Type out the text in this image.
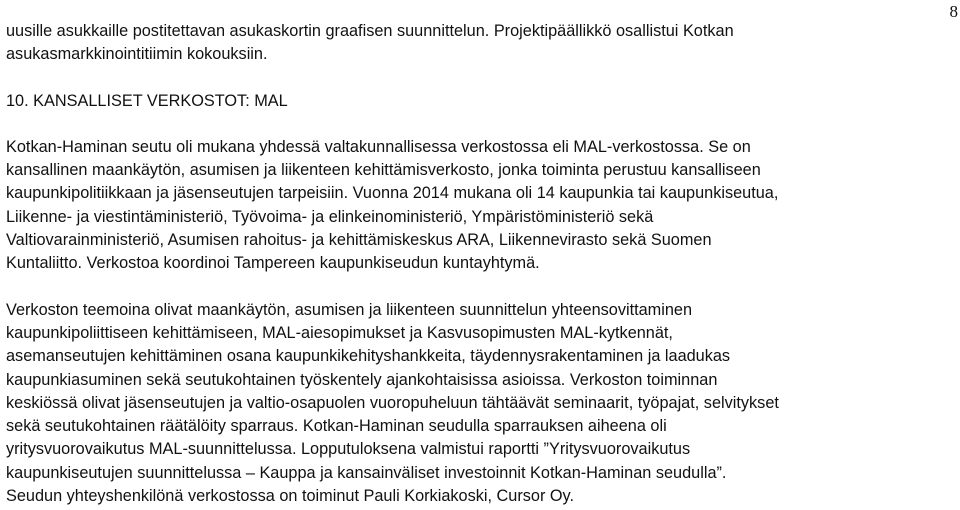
8

uusille asukkaille postitettavan asukaskortin graafisen suunnittelun. Projektipäällikkö osallistui Kotkan
asukasmarkkinointitiimin kokouksiin.

10. KANSALLISET VERKOSTOT: MAL

Kotkan-Haminan seutu oli mukana yhdessä valtakunnallisessa verkostossa eli MAL-verkostossa. Se on
kansallinen maankäytön, asumisen ja liikenteen kehittämisverkosto, jonka toiminta perustuu kansalliseen
kaupunkipolitiikkaan ja jäsenseutujen tarpeisiin. Vuonna 2014 mukana oli 14 kaupunkia tai kaupunkiseutua,
Liikenne- ja viestintäministeriö, Työvoima- ja elinkeinoministeriö, Ympäristöministeriö sekä
Valtiovarainministeriö, Asumisen rahoitus- ja kehittämiskeskus ARA, Liikennevirasto sekä Suomen
Kuntaliitto. Verkostoa koordinoi Tampereen kaupunkiseudun kuntayhtymä.

Verkoston teemoina olivat maankäytön, asumisen ja liikenteen suunnittelun yhteensovittaminen
kaupunkipoliittiseen kehittämiseen, MAL-aiesopimukset ja Kasvusopimusten MAL-kytkennät,
asemanseutujen kehittäminen osana kaupunkikehityshankkeita, täydennysrakentaminen ja laadukas
kaupunkiasuminen sekä seutukohtainen työskentely ajankohtaisissa asioissa. Verkoston toiminnan
keskiössä olivat jäsenseutujen ja valtio-osapuolen vuoropuheluun tähtäävät seminaarit, työpajat, selvitykset
sekä seutukohtainen räätälöity sparraus. Kotkan-Haminan seudulla sparrauksen aiheena oli
yritysvuorovaikutus MAL-suunnittelussa. Lopputuloksena valmistui raportti ”Yritysvuorovaikutus
kaupunkiseutujen suunnittelussa – Kauppa ja kansainväliset investoinnit Kotkan-Haminan seudulla”.
Seudun yhteyshenkilönä verkostossa on toiminut Pauli Korkiakoski, Cursor Oy.
